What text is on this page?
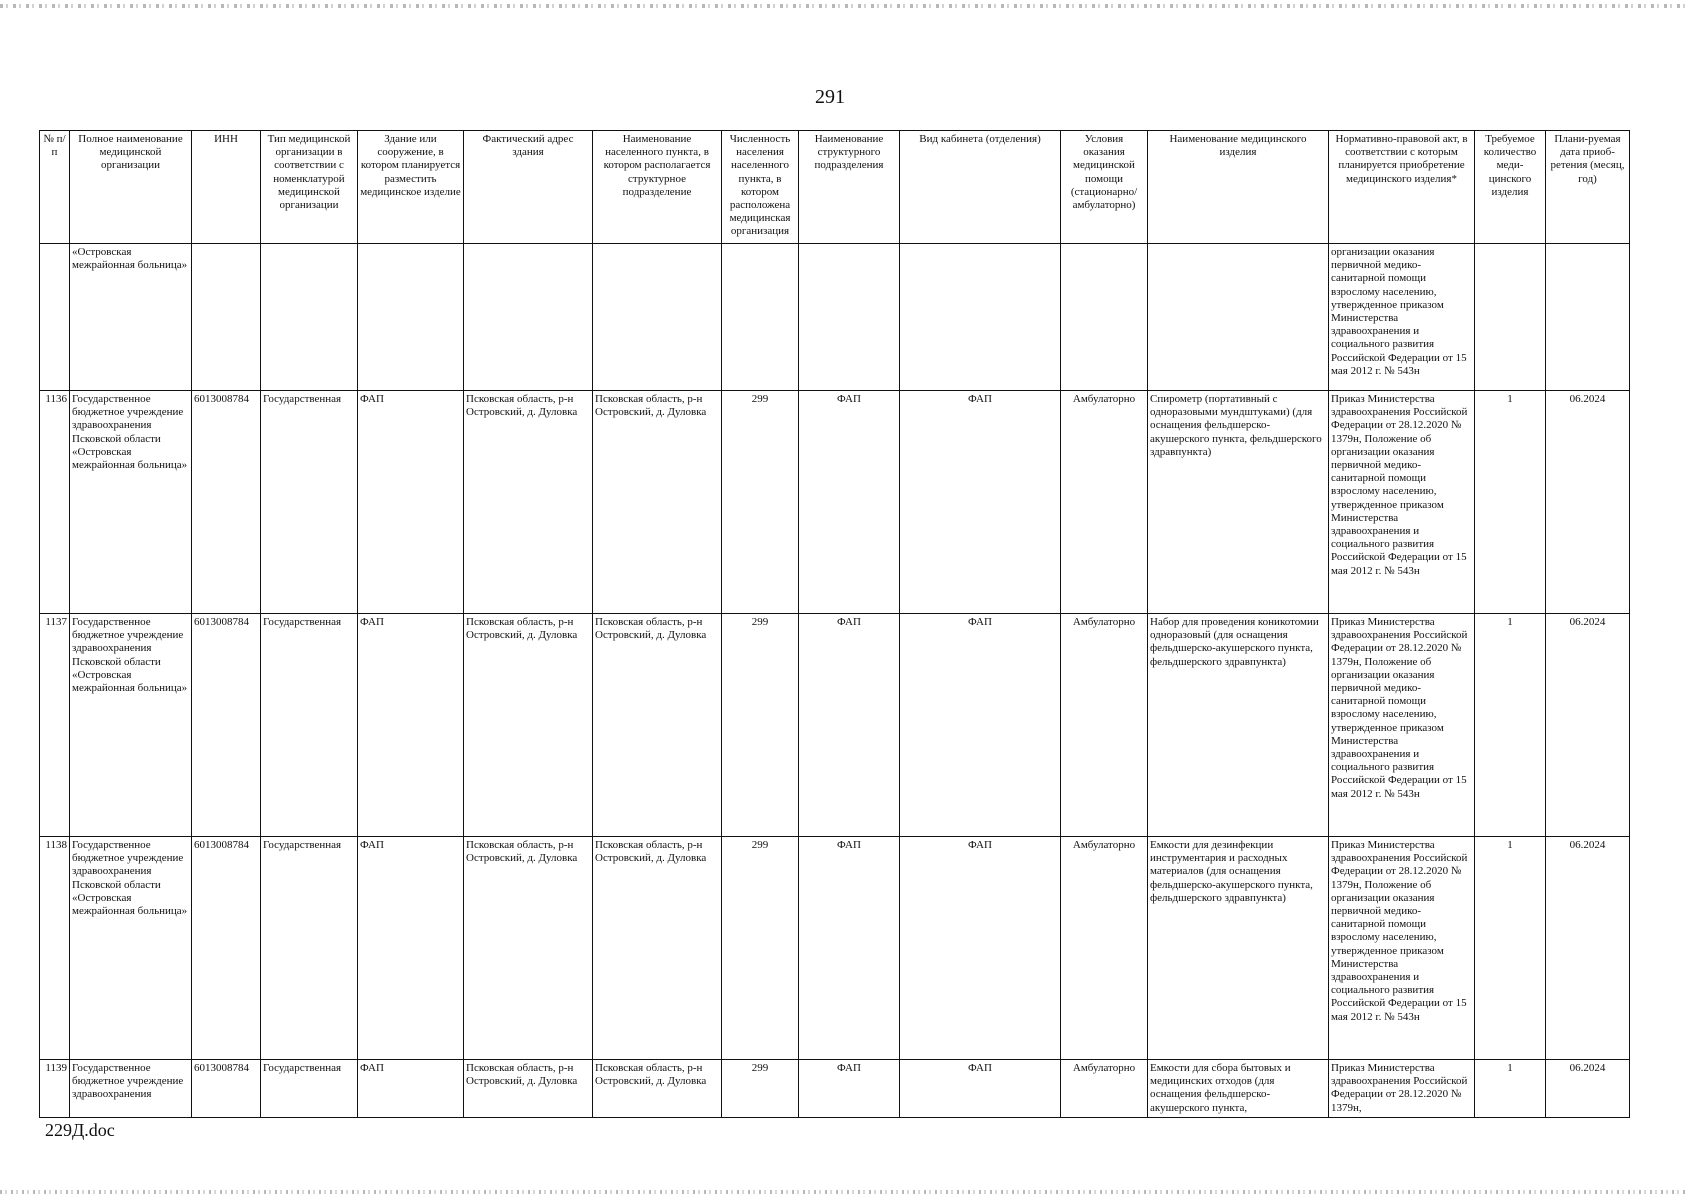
291
№ п/п	Полное наименование медицинской организации	ИНН	Тип медицинской организации в соответствии с номенклатурой медицинской организации	Здание или сооружение, в котором планируется разместить медицинское изделие	Фактический адрес здания	Наименование населенного пункта, в котором располагается структурное подразделение	Численность населения населенного пункта, в котором расположена медицинская организация	Наименование структурного подразделения	Вид кабинета (отделения)	Условия оказания медицинской помощи (стационарно/ амбулаторно)	Наименование медицинского изделия	Нормативно-правовой акт, в соответствии с которым планируется приобретение медицинского изделия*	Требуемое количество меди-цинского изделия	Плани-руемая дата приоб-ретения (месяц, год)
	«Островская межрайонная больница»											организации оказания первичной медико-санитарной помощи взрослому населению, утвержденное приказом Министерства здравоохранения и социального развития Российской Федерации от 15 мая 2012 г. № 543н		
1136	Государственное бюджетное учреждение здравоохранения Псковской области «Островская межрайонная больница»	6013008784	Государственная	ФАП	Псковская область, р-н Островский, д. Дуловка	Псковская область, р-н Островский, д. Дуловка	299	ФАП	ФАП	Амбулаторно	Спирометр (портативный с одноразовыми мундштуками) (для оснащения фельдшерско-акушерского пункта, фельдшерского здравпункта)	Приказ Министерства здравоохранения Российской Федерации от 28.12.2020 № 1379н, Положение об организации оказания первичной медико-санитарной помощи взрослому населению, утвержденное приказом Министерства здравоохранения и социального развития Российской Федерации от 15 мая 2012 г. № 543н	1	06.2024
1137	Государственное бюджетное учреждение здравоохранения Псковской области «Островская межрайонная больница»	6013008784	Государственная	ФАП	Псковская область, р-н Островский, д. Дуловка	Псковская область, р-н Островский, д. Дуловка	299	ФАП	ФАП	Амбулаторно	Набор для проведения коникотомии одноразовый (для оснащения фельдшерско-акушерского пункта, фельдшерского здравпункта)	Приказ Министерства здравоохранения Российской Федерации от 28.12.2020 № 1379н, Положение об организации оказания первичной медико-санитарной помощи взрослому населению, утвержденное приказом Министерства здравоохранения и социального развития Российской Федерации от 15 мая 2012 г. № 543н	1	06.2024
1138	Государственное бюджетное учреждение здравоохранения Псковской области «Островская межрайонная больница»	6013008784	Государственная	ФАП	Псковская область, р-н Островский, д. Дуловка	Псковская область, р-н Островский, д. Дуловка	299	ФАП	ФАП	Амбулаторно	Емкости для дезинфекции инструментария и расходных материалов (для оснащения фельдшерско-акушерского пункта, фельдшерского здравпункта)	Приказ Министерства здравоохранения Российской Федерации от 28.12.2020 № 1379н, Положение об организации оказания первичной медико-санитарной помощи взрослому населению, утвержденное приказом Министерства здравоохранения и социального развития Российской Федерации от 15 мая 2012 г. № 543н	1	06.2024
1139	Государственное бюджетное учреждение здравоохранения	6013008784	Государственная	ФАП	Псковская область, р-н Островский, д. Дуловка	Псковская область, р-н Островский, д. Дуловка	299	ФАП	ФАП	Амбулаторно	Емкости для сбора бытовых и медицинских отходов (для оснащения фельдшерско-акушерского пункта,	Приказ Министерства здравоохранения Российской Федерации от 28.12.2020 № 1379н,	1	06.2024
229Д.doc
